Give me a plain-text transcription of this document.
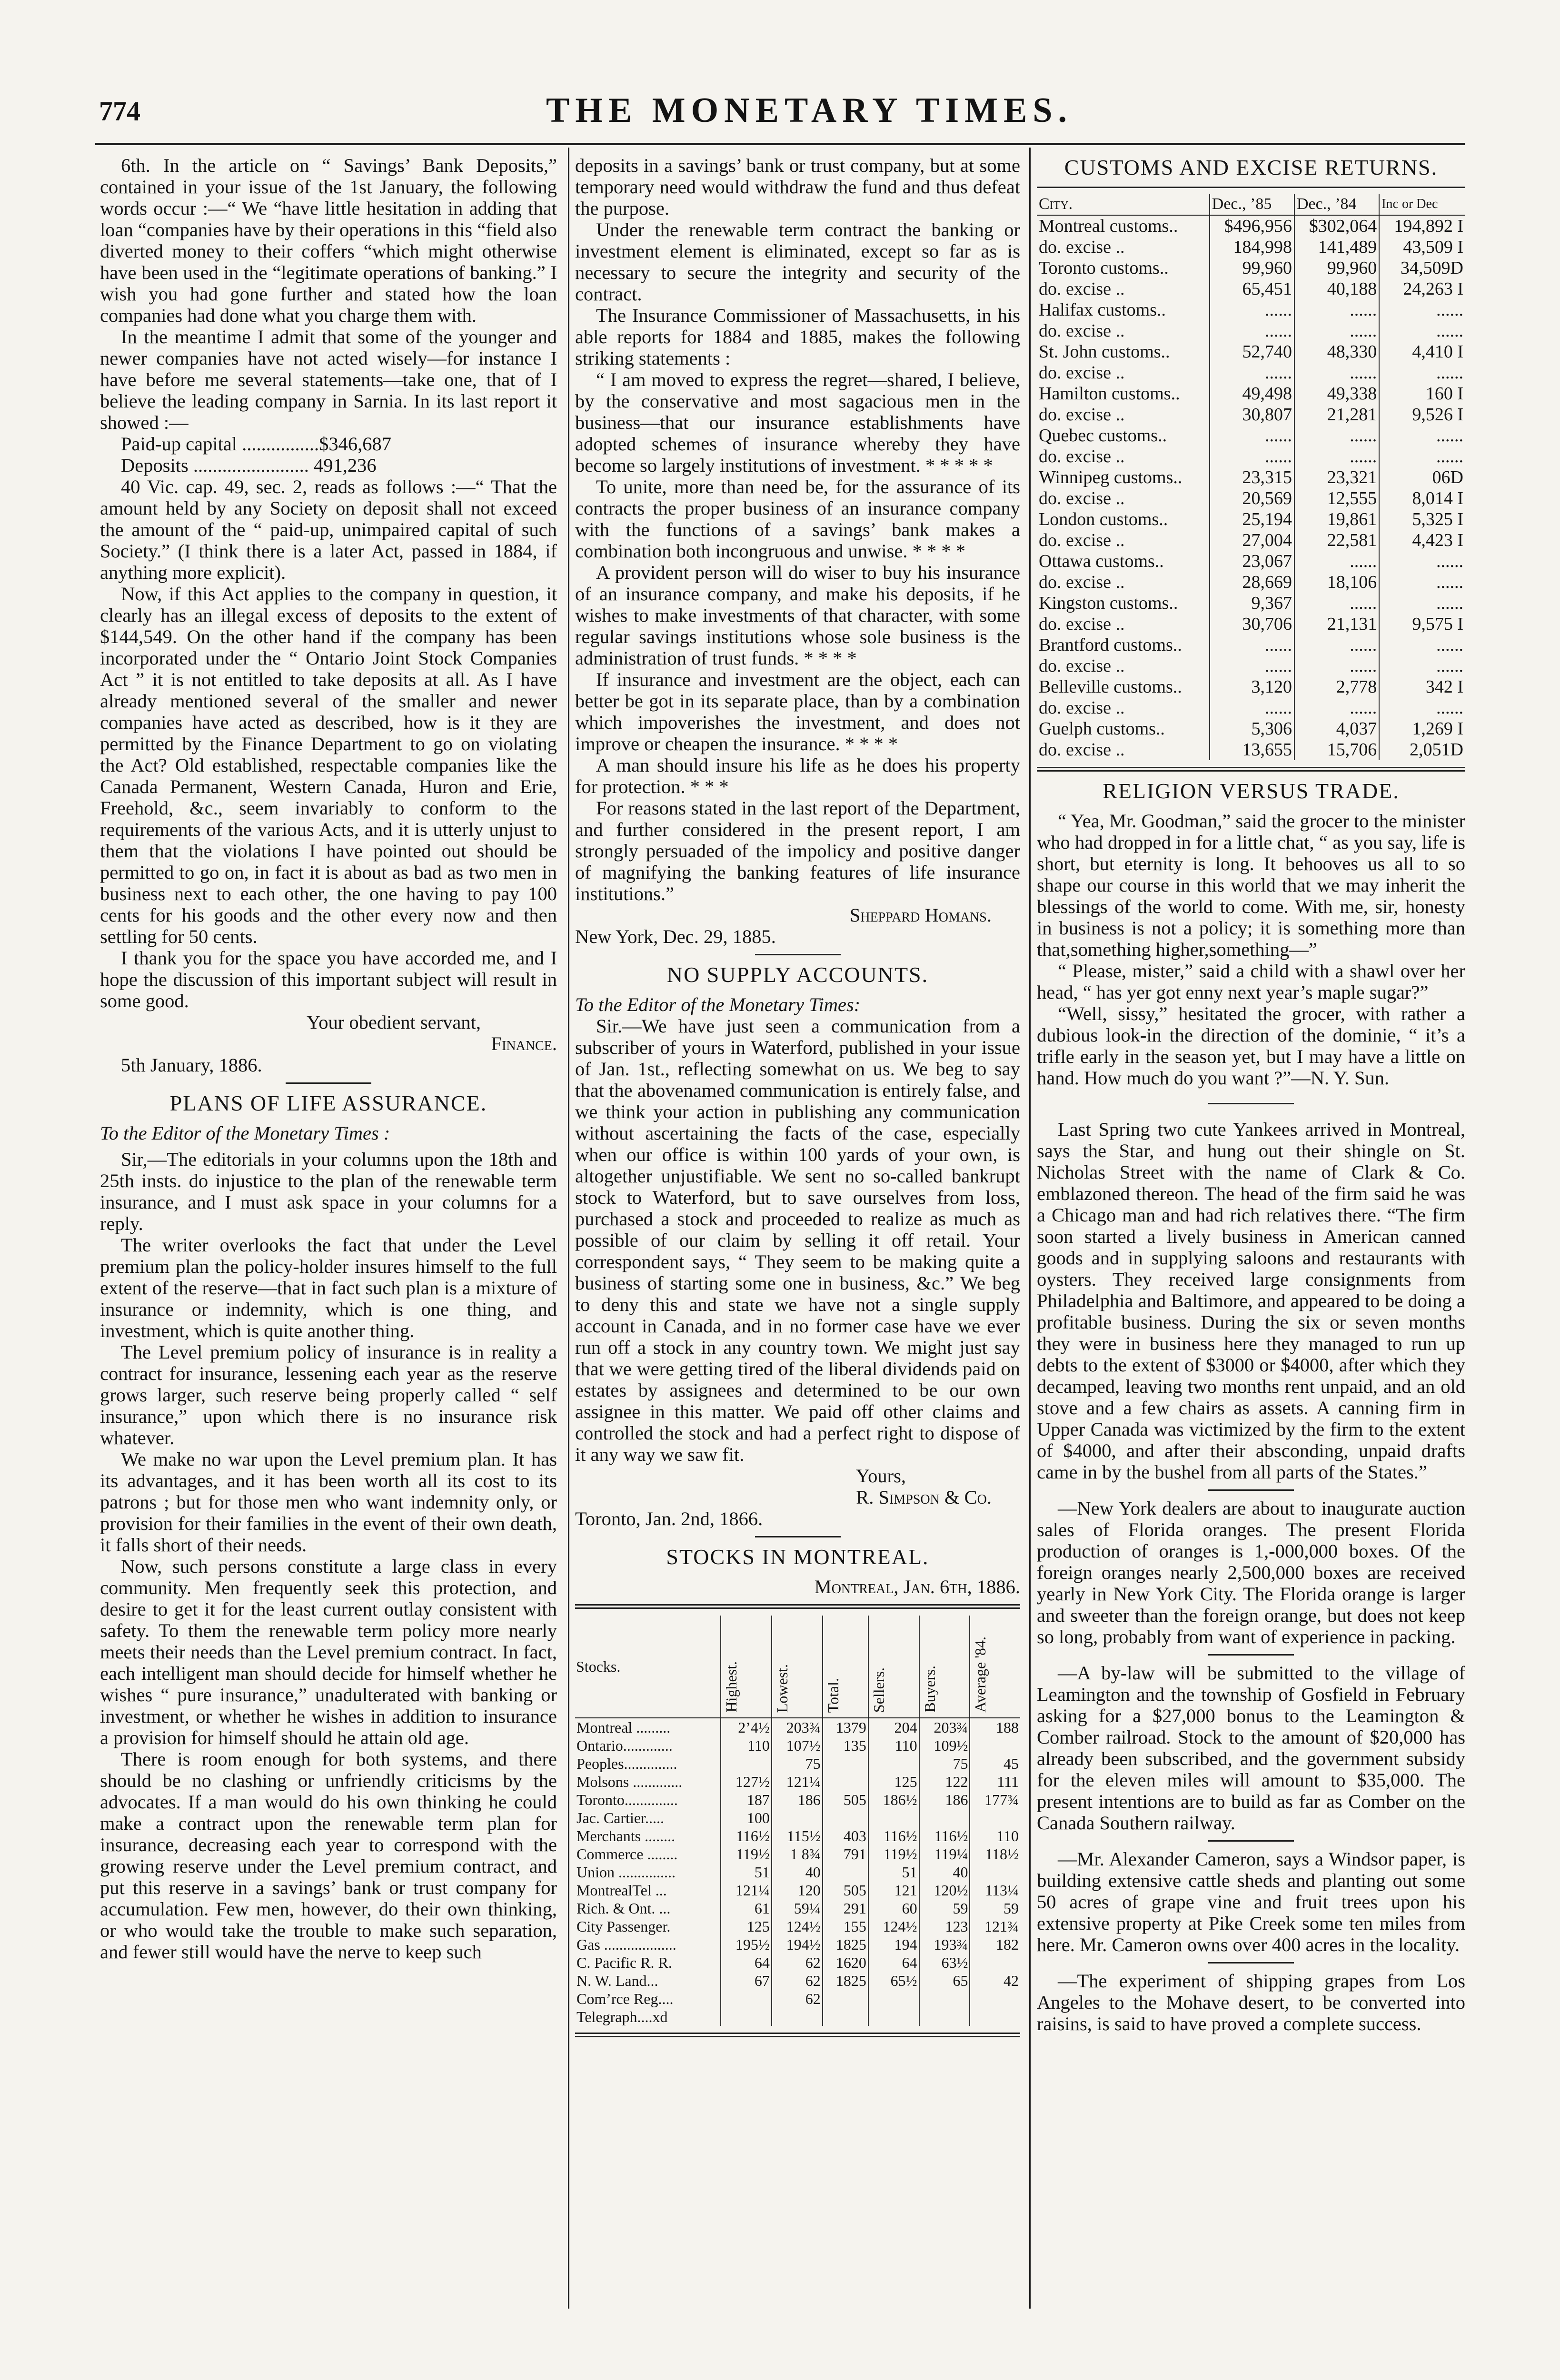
774	THE MONETARY TIMES.

6th. In the article on “ Savings’ Bank Deposits,” contained in your issue of the 1st January, the following words occur :—“ We “have little hesitation in adding that loan “companies have by their operations in this “field also diverted money to their coffers “which might otherwise have been used in the “legitimate operations of banking.” I wish you had gone further and stated how the loan companies had done what you charge them with.

In the meantime I admit that some of the younger and newer companies have not acted wisely—for instance I have before me several statements—take one, that of I believe the leading company in Sarnia. In its last report it showed :—

Paid-up capital ................$346,687

Deposits ........................ 491,236

40 Vic. cap. 49, sec. 2, reads as follows :—“ That the amount held by any Society on deposit shall not exceed the amount of the “ paid-up, unimpaired capital of such Society.” (I think there is a later Act, passed in 1884, if anything more explicit).

Now, if this Act applies to the company in question, it clearly has an illegal excess of deposits to the extent of $144,549. On the other hand if the company has been incorporated under the “ Ontario Joint Stock Companies Act ” it is not entitled to take deposits at all. As I have already mentioned several of the smaller and newer companies have acted as described, how is it they are permitted by the Finance Department to go on violating the Act? Old established, respectable companies like the Canada Permanent, Western Canada, Huron and Erie, Freehold, &c., seem invariably to conform to the requirements of the various Acts, and it is utterly unjust to them that the violations I have pointed out should be permitted to go on, in fact it is about as bad as two men in business next to each other, the one having to pay 100 cents for his goods and the other every now and then settling for 50 cents.

I thank you for the space you have accorded me, and I hope the discussion of this important subject will result in some good.

Your obedient servant,

Finance.

5th January, 1886.

PLANS OF LIFE ASSURANCE.

To the Editor of the Monetary Times :

Sir,—The editorials in your columns upon the 18th and 25th insts. do injustice to the plan of the renewable term insurance, and I must ask space in your columns for a reply.

The writer overlooks the fact that under the Level premium plan the policy-holder insures himself to the full extent of the reserve—that in fact such plan is a mixture of insurance or indemnity, which is one thing, and investment, which is quite another thing.

The Level premium policy of insurance is in reality a contract for insurance, lessening each year as the reserve grows larger, such reserve being properly called “ self insurance,” upon which there is no insurance risk whatever.

We make no war upon the Level premium plan. It has its advantages, and it has been worth all its cost to its patrons ; but for those men who want indemnity only, or provision for their families in the event of their own death, it falls short of their needs.

Now, such persons constitute a large class in every community. Men frequently seek this protection, and desire to get it for the least current outlay consistent with safety. To them the renewable term policy more nearly meets their needs than the Level premium contract. In fact, each intelligent man should decide for himself whether he wishes “ pure insurance,” unadulterated with banking or investment, or whether he wishes in addition to insurance a provision for himself should he attain old age.

There is room enough for both systems, and there should be no clashing or unfriendly criticisms by the advocates. If a man would do his own thinking he could make a contract upon the renewable term plan for insurance, decreasing each year to correspond with the growing reserve under the Level premium contract, and put this reserve in a savings’ bank or trust company for accumulation. Few men, however, do their own thinking, or who would take the trouble to make such separation, and fewer still would have the nerve to keep such

deposits in a savings’ bank or trust company, but at some temporary need would withdraw the fund and thus defeat the purpose.

Under the renewable term contract the banking or investment element is eliminated, except so far as is necessary to secure the integrity and security of the contract.

The Insurance Commissioner of Massachusetts, in his able reports for 1884 and 1885, makes the following striking statements :

“ I am moved to express the regret—shared, I believe, by the conservative and most sagacious men in the business—that our insurance establishments have adopted schemes of insurance whereby they have become so largely institutions of investment. * * * * *

To unite, more than need be, for the assurance of its contracts the proper business of an insurance company with the functions of a savings’ bank makes a combination both incongruous and unwise. * * * *

A provident person will do wiser to buy his insurance of an insurance company, and make his deposits, if he wishes to make investments of that character, with some regular savings institutions whose sole business is the administration of trust funds. * * * *

If insurance and investment are the object, each can better be got in its separate place, than by a combination which impoverishes the investment, and does not improve or cheapen the insurance. * * * *

A man should insure his life as he does his property for protection. * * *

For reasons stated in the last report of the Department, and further considered in the present report, I am strongly persuaded of the impolicy and positive danger of magnifying the banking features of life insurance institutions.”

Sheppard Homans.

New York, Dec. 29, 1885.

NO SUPPLY ACCOUNTS.

To the Editor of the Monetary Times:

Sir.—We have just seen a communication from a subscriber of yours in Waterford, published in your issue of Jan. 1st., reflecting somewhat on us. We beg to say that the abovenamed communication is entirely false, and we think your action in publishing any communication without ascertaining the facts of the case, especially when our office is within 100 yards of your own, is altogether unjustifiable. We sent no so-called bankrupt stock to Waterford, but to save ourselves from loss, purchased a stock and proceeded to realize as much as possible of our claim by selling it off retail. Your correspondent says, “ They seem to be making quite a business of starting some one in business, &c.” We beg to deny this and state we have not a single supply account in Canada, and in no former case have we ever run off a stock in any country town. We might just say that we were getting tired of the liberal dividends paid on estates by assignees and determined to be our own assignee in this matter. We paid off other claims and controlled the stock and had a perfect right to dispose of it any way we saw fit.

Yours,

R. Simpson & Co.

Toronto, Jan. 2nd, 1866.

STOCKS IN MONTREAL.

Montreal, Jan. 6th, 1886.

Stocks.	Highest.	Lowest.	Total.	Sellers.	Buyers.	Average '84.
Montreal .........	2’4½	203¾	1379	204	203¾	188
Ontario.............	110	107½	135	110	109½	
Peoples..............		75			75	45
Molsons .............	127½	121¼		125	122	111
Toronto..............	187	186	505	186½	186	177¾
Jac. Cartier.....	100					
Merchants ........	116½	115½	403	116½	116½	110
Commerce ........	119½	1 8¾	791	119½	119¼	118½
Union ...............	51	40		51	40	
MontrealTel ...	121¼	120	505	121	120½	113¼
Rich. & Ont. ...	61	59¼	291	60	59	59
City Passenger.	125	124½	155	124½	123	121¾
Gas ...................	195½	194½	1825	194	193¾	182
C. Pacific R. R.	64	62	1620	64	63½	
N. W. Land...	67	62	1825	65½	65	42
Com’rce Reg....		62				
Telegraph....xd						
CUSTOMS AND EXCISE RETURNS.
City.	Dec., ’85	Dec., ’84	Inc or Dec
Montreal customs..	$496,956	$302,064	194,892 I
do. excise ..	184,998	141,489	43,509 I
Toronto customs..	99,960	99,960	34,509D
do. excise ..	65,451	40,188	24,263 I
Halifax customs..	......	......	......
do. excise ..	......	......	......
St. John customs..	52,740	48,330	4,410 I
do. excise ..	......	......	......
Hamilton customs..	49,498	49,338	160 I
do. excise ..	30,807	21,281	9,526 I
Quebec customs..	......	......	......
do. excise ..	......	......	......
Winnipeg customs..	23,315	23,321	06D
do. excise ..	20,569	12,555	8,014 I
London customs..	25,194	19,861	5,325 I
do. excise ..	27,004	22,581	4,423 I
Ottawa customs..	23,067	......	......
do. excise ..	28,669	18,106	......
Kingston customs..	9,367	......	......
do. excise ..	30,706	21,131	9,575 I
Brantford customs..	......	......	......
do. excise ..	......	......	......
Belleville customs..	3,120	2,778	342 I
do. excise ..	......	......	......
Guelph customs..	5,306	4,037	1,269 I
do. excise ..	13,655	15,706	2,051D
RELIGION VERSUS TRADE.

“ Yea, Mr. Goodman,” said the grocer to the minister who had dropped in for a little chat, “ as you say, life is short, but eternity is long. It behooves us all to so shape our course in this world that we may inherit the blessings of the world to come. With me, sir, honesty in business is not a policy; it is something more than that,something higher,something—”

“ Please, mister,” said a child with a shawl over her head, “ has yer got enny next year’s maple sugar?”

“Well, sissy,” hesitated the grocer, with rather a dubious look-in the direction of the dominie, “ it’s a trifle early in the season yet, but I may have a little on hand. How much do you want ?”—N. Y. Sun.

Last Spring two cute Yankees arrived in Montreal, says the Star, and hung out their shingle on St. Nicholas Street with the name of Clark & Co. emblazoned thereon. The head of the firm said he was a Chicago man and had rich relatives there. “The firm soon started a lively business in American canned goods and in supplying saloons and restaurants with oysters. They received large consignments from Philadelphia and Baltimore, and appeared to be doing a profitable business. During the six or seven months they were in business here they managed to run up debts to the extent of $3000 or $4000, after which they decamped, leaving two months rent unpaid, and an old stove and a few chairs as assets. A canning firm in Upper Canada was victimized by the firm to the extent of $4000, and after their absconding, unpaid drafts came in by the bushel from all parts of the States.”

—New York dealers are about to inaugurate auction sales of Florida oranges. The present Florida production of oranges is 1,-000,000 boxes. Of the foreign oranges nearly 2,500,000 boxes are received yearly in New York City. The Florida orange is larger and sweeter than the foreign orange, but does not keep so long, probably from want of experience in packing.

—A by-law will be submitted to the village of Leamington and the township of Gosfield in February asking for a $27,000 bonus to the Leamington & Comber railroad. Stock to the amount of $20,000 has already been subscribed, and the government subsidy for the eleven miles will amount to $35,000. The present intentions are to build as far as Comber on the Canada Southern railway.

—Mr. Alexander Cameron, says a Windsor paper, is building extensive cattle sheds and planting out some 50 acres of grape vine and fruit trees upon his extensive property at Pike Creek some ten miles from here. Mr. Cameron owns over 400 acres in the locality.

—The experiment of shipping grapes from Los Angeles to the Mohave desert, to be converted into raisins, is said to have proved a complete success.
